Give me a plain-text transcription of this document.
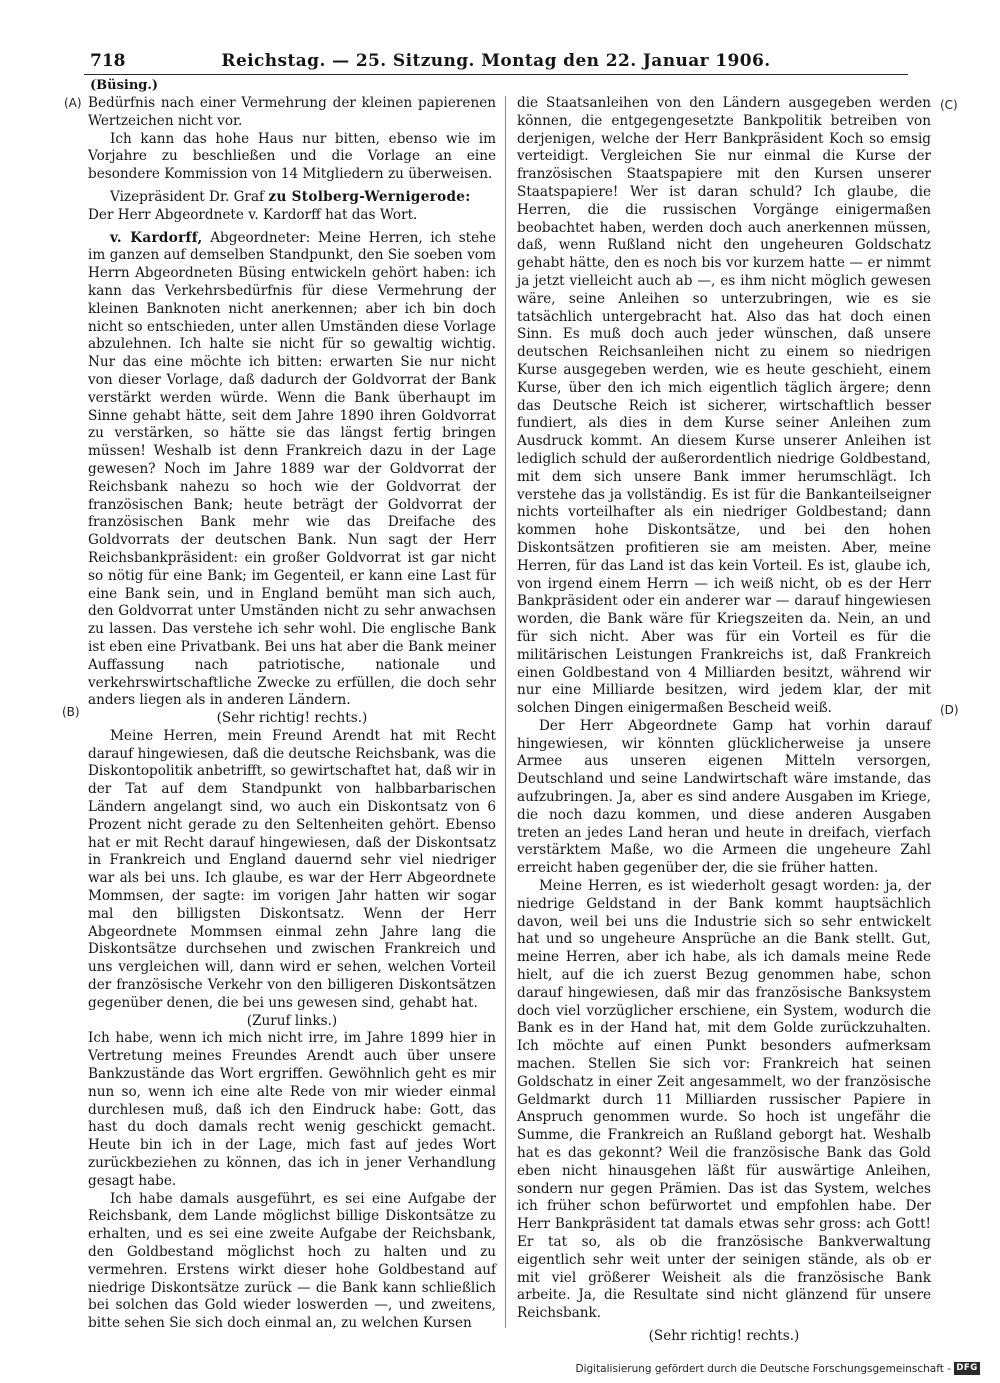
718	Reichstag. — 25. Sitzung. Montag den 22. Januar 1906.
(Büsing.)
(A)
(B)
(C)
(D)

Bedürfnis nach einer Vermehrung der kleinen papierenen Wertzeichen nicht vor.

Ich kann das hohe Haus nur bitten, ebenso wie im Vorjahre zu beschließen und die Vorlage an eine besondere Kommission von 14 Mitgliedern zu überweisen.

Vizepräsident Dr. Graf zu Stolberg-Wernigerode:
Der Herr Abgeordnete v. Kardorff hat das Wort.

v. Kardorff, Abgeordneter: Meine Herren, ich stehe im ganzen auf demselben Standpunkt, den Sie soeben vom Herrn Abgeordneten Büsing entwickeln gehört haben: ich kann das Verkehrsbedürfnis für diese Vermehrung der kleinen Banknoten nicht anerkennen; aber ich bin doch nicht so entschieden, unter allen Umständen diese Vorlage abzulehnen. Ich halte sie nicht für so gewaltig wichtig. Nur das eine möchte ich bitten: erwarten Sie nur nicht von dieser Vorlage, daß dadurch der Goldvorrat der Bank verstärkt werden würde. Wenn die Bank überhaupt im Sinne gehabt hätte, seit dem Jahre 1890 ihren Goldvorrat zu verstärken, so hätte sie das längst fertig bringen müssen! Weshalb ist denn Frankreich dazu in der Lage gewesen? Noch im Jahre 1889 war der Goldvorrat der Reichsbank nahezu so hoch wie der Goldvorrat der französischen Bank; heute beträgt der Goldvorrat der französischen Bank mehr wie das Dreifache des Goldvorrats der deutschen Bank. Nun sagt der Herr Reichsbankpräsident: ein großer Goldvorrat ist gar nicht so nötig für eine Bank; im Gegenteil, er kann eine Last für eine Bank sein, und in England bemüht man sich auch, den Goldvorrat unter Umständen nicht zu sehr anwachsen zu lassen. Das verstehe ich sehr wohl. Die englische Bank ist eben eine Privatbank. Bei uns hat aber die Bank meiner Auffassung nach patriotische, nationale und verkehrswirtschaftliche Zwecke zu erfüllen, die doch sehr anders liegen als in anderen Ländern.

(Sehr richtig! rechts.)

Meine Herren, mein Freund Arendt hat mit Recht darauf hingewiesen, daß die deutsche Reichsbank, was die Diskontopolitik anbetrifft, so gewirtschaftet hat, daß wir in der Tat auf dem Standpunkt von halbbarbarischen Ländern angelangt sind, wo auch ein Diskontsatz von 6 Prozent nicht gerade zu den Seltenheiten gehört. Ebenso hat er mit Recht darauf hingewiesen, daß der Diskontsatz in Frankreich und England dauernd sehr viel niedriger war als bei uns. Ich glaube, es war der Herr Abgeordnete Mommsen, der sagte: im vorigen Jahr hatten wir sogar mal den billigsten Diskontsatz. Wenn der Herr Abgeordnete Mommsen einmal zehn Jahre lang die Diskontsätze durchsehen und zwischen Frankreich und uns vergleichen will, dann wird er sehen, welchen Vorteil der französische Verkehr von den billigeren Diskontsätzen gegenüber denen, die bei uns gewesen sind, gehabt hat.

(Zuruf links.)

Ich habe, wenn ich mich nicht irre, im Jahre 1899 hier in Vertretung meines Freundes Arendt auch über unsere Bankzustände das Wort ergriffen. Gewöhnlich geht es mir nun so, wenn ich eine alte Rede von mir wieder einmal durchlesen muß, daß ich den Eindruck habe: Gott, das hast du doch damals recht wenig geschickt gemacht. Heute bin ich in der Lage, mich fast auf jedes Wort zurückbeziehen zu können, das ich in jener Verhandlung gesagt habe.

Ich habe damals ausgeführt, es sei eine Aufgabe der Reichsbank, dem Lande möglichst billige Diskontsätze zu erhalten, und es sei eine zweite Aufgabe der Reichsbank, den Goldbestand möglichst hoch zu halten und zu vermehren. Erstens wirkt dieser hohe Goldbestand auf niedrige Diskontsätze zurück — die Bank kann schließlich bei solchen das Gold wieder loswerden —, und zweitens, bitte sehen Sie sich doch einmal an, zu welchen Kursen

die Staatsanleihen von den Ländern ausgegeben werden können, die entgegengesetzte Bankpolitik betreiben von derjenigen, welche der Herr Bankpräsident Koch so emsig verteidigt. Vergleichen Sie nur einmal die Kurse der französischen Staatspapiere mit den Kursen unserer Staatspapiere! Wer ist daran schuld? Ich glaube, die Herren, die die russischen Vorgänge einigermaßen beobachtet haben, werden doch auch anerkennen müssen, daß, wenn Rußland nicht den ungeheuren Goldschatz gehabt hätte, den es noch bis vor kurzem hatte — er nimmt ja jetzt vielleicht auch ab —, es ihm nicht möglich gewesen wäre, seine Anleihen so unterzubringen, wie es sie tatsächlich untergebracht hat. Also das hat doch einen Sinn. Es muß doch auch jeder wünschen, daß unsere deutschen Reichsanleihen nicht zu einem so niedrigen Kurse ausgegeben werden, wie es heute geschieht, einem Kurse, über den ich mich eigentlich täglich ärgere; denn das Deutsche Reich ist sicherer, wirtschaftlich besser fundiert, als dies in dem Kurse seiner Anleihen zum Ausdruck kommt. An diesem Kurse unserer Anleihen ist lediglich schuld der außerordentlich niedrige Goldbestand, mit dem sich unsere Bank immer herumschlägt. Ich verstehe das ja vollständig. Es ist für die Bankanteilseigner nichts vorteilhafter als ein niedriger Goldbestand; dann kommen hohe Diskontsätze, und bei den hohen Diskontsätzen profitieren sie am meisten. Aber, meine Herren, für das Land ist das kein Vorteil. Es ist, glaube ich, von irgend einem Herrn — ich weiß nicht, ob es der Herr Bankpräsident oder ein anderer war — darauf hingewiesen worden, die Bank wäre für Kriegszeiten da. Nein, an und für sich nicht. Aber was für ein Vorteil es für die militärischen Leistungen Frankreichs ist, daß Frankreich einen Goldbestand von 4 Milliarden besitzt, während wir nur eine Milliarde besitzen, wird jedem klar, der mit solchen Dingen einigermaßen Bescheid weiß.

Der Herr Abgeordnete Gamp hat vorhin darauf hingewiesen, wir könnten glücklicherweise ja unsere Armee aus unseren eigenen Mitteln versorgen, Deutschland und seine Landwirtschaft wäre imstande, das aufzubringen. Ja, aber es sind andere Ausgaben im Kriege, die noch dazu kommen, und diese anderen Ausgaben treten an jedes Land heran und heute in dreifach, vierfach verstärktem Maße, wo die Armeen die ungeheure Zahl erreicht haben gegenüber der, die sie früher hatten.

Meine Herren, es ist wiederholt gesagt worden: ja, der niedrige Geldstand in der Bank kommt hauptsächlich davon, weil bei uns die Industrie sich so sehr entwickelt hat und so ungeheure Ansprüche an die Bank stellt. Gut, meine Herren, aber ich habe, als ich damals meine Rede hielt, auf die ich zuerst Bezug genommen habe, schon darauf hingewiesen, daß mir das französische Banksystem doch viel vorzüglicher erschiene, ein System, wodurch die Bank es in der Hand hat, mit dem Golde zurückzuhalten. Ich möchte auf einen Punkt besonders aufmerksam machen. Stellen Sie sich vor: Frankreich hat seinen Goldschatz in einer Zeit angesammelt, wo der französische Geldmarkt durch 11 Milliarden russischer Papiere in Anspruch genommen wurde. So hoch ist ungefähr die Summe, die Frankreich an Rußland geborgt hat. Weshalb hat es das gekonnt? Weil die französische Bank das Gold eben nicht hinausgehen läßt für auswärtige Anleihen, sondern nur gegen Prämien. Das ist das System, welches ich früher schon befürwortet und empfohlen habe. Der Herr Bankpräsident tat damals etwas sehr gross: ach Gott! Er tat so, als ob die französische Bankverwaltung eigentlich sehr weit unter der seinigen stände, als ob er mit viel größerer Weisheit als die französische Bank arbeite. Ja, die Resultate sind nicht glänzend für unsere Reichsbank.

(Sehr richtig! rechts.)

Digitalisierung gefördert durch die Deutsche Forschungsgemeinschaft - DFG
